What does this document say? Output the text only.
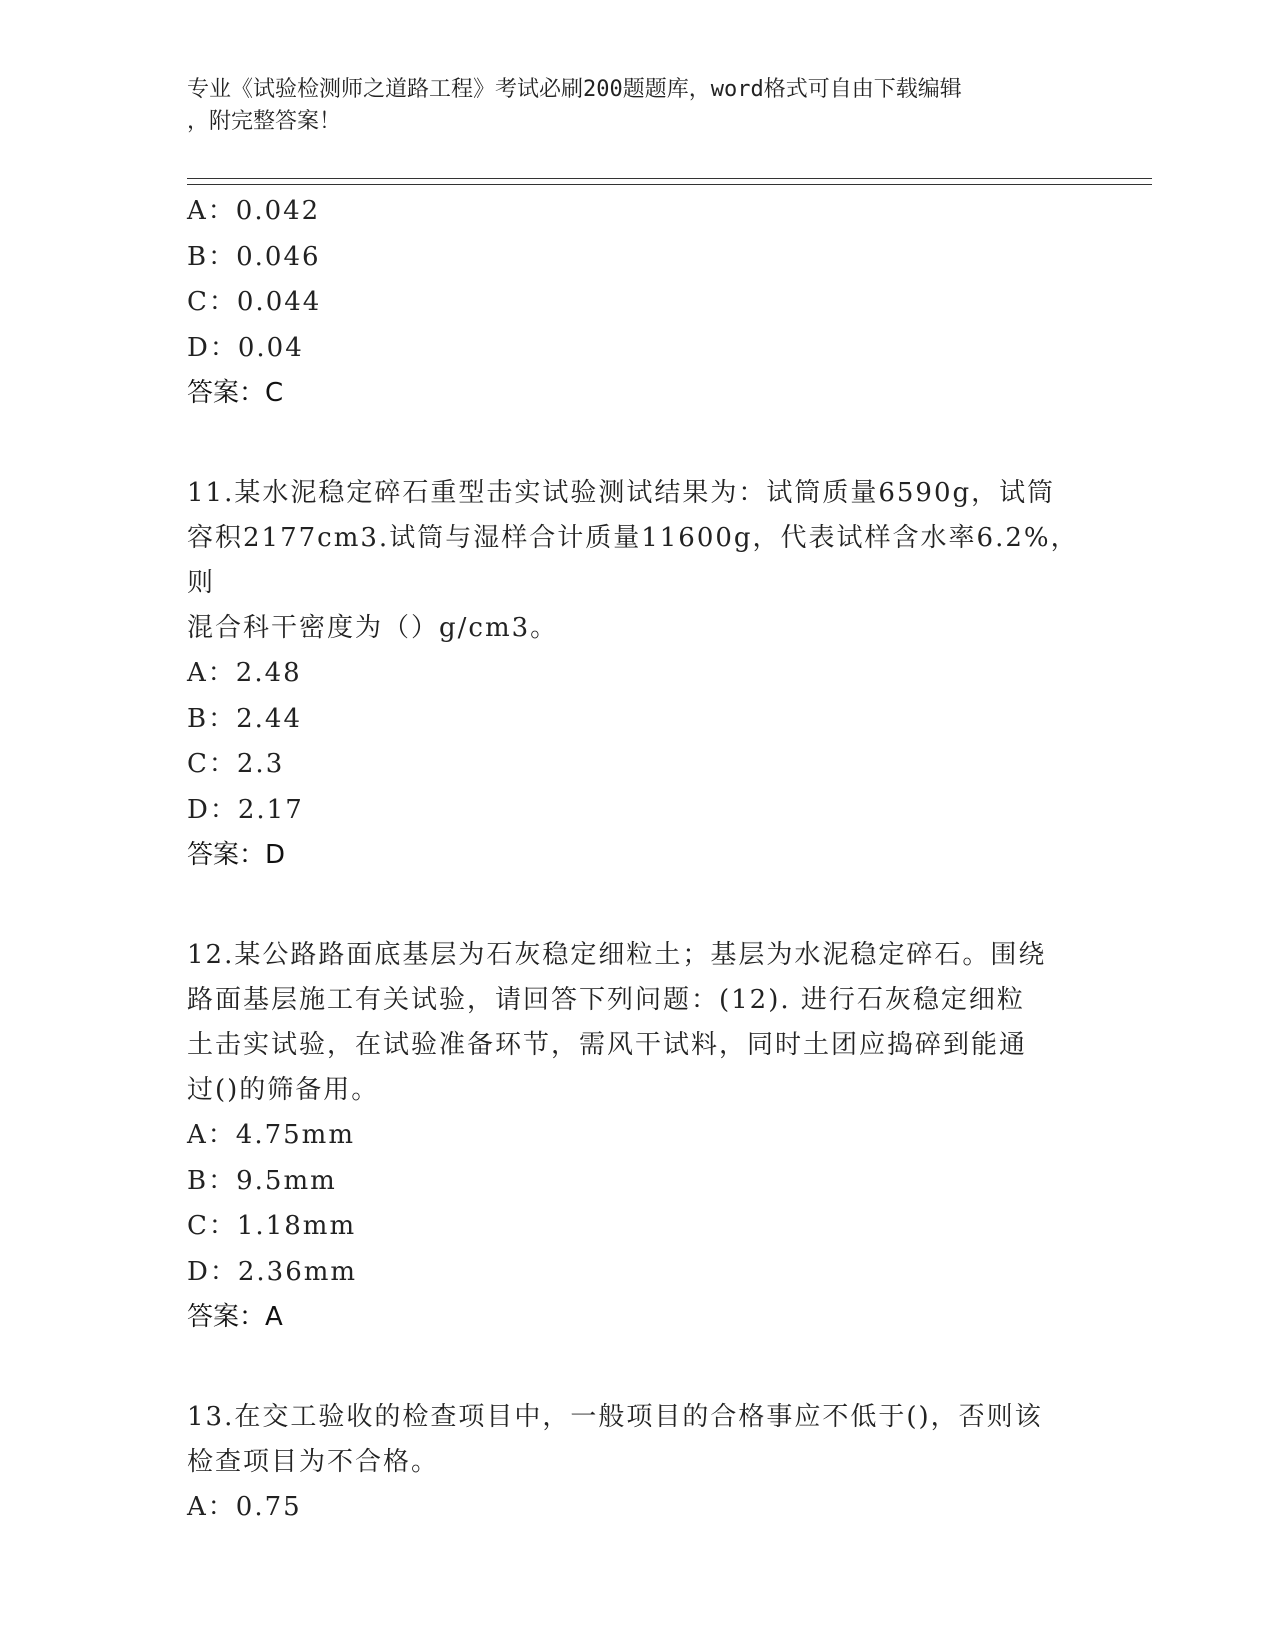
专业《试验检测师之道路工程》考试必刷200题题库，word格式可自由下载编辑
，附完整答案！
A：0.042
B：0.046
C：0.044
D：0.04
答案：C
11.某水泥稳定碎石重型击实试验测试结果为：试筒质量6590g，试筒
容积2177cm3.试筒与湿样合计质量11600g，代表试样含水率6.2%，则
混合科干密度为（）g/cm3。
A：2.48
B：2.44
C：2.3
D：2.17
答案：D
12.某公路路面底基层为石灰稳定细粒土；基层为水泥稳定碎石。围绕
路面基层施工有关试验，请回答下列问题：(12). 进行石灰稳定细粒
土击实试验，在试验准备环节，需风干试料，同时土团应捣碎到能通
过()的筛备用。
A：4.75mm
B：9.5mm
C：1.18mm
D：2.36mm
答案：A
13.在交工验收的检查项目中，一般项目的合格事应不低于()，否则该
检查项目为不合格。
A：0.75
